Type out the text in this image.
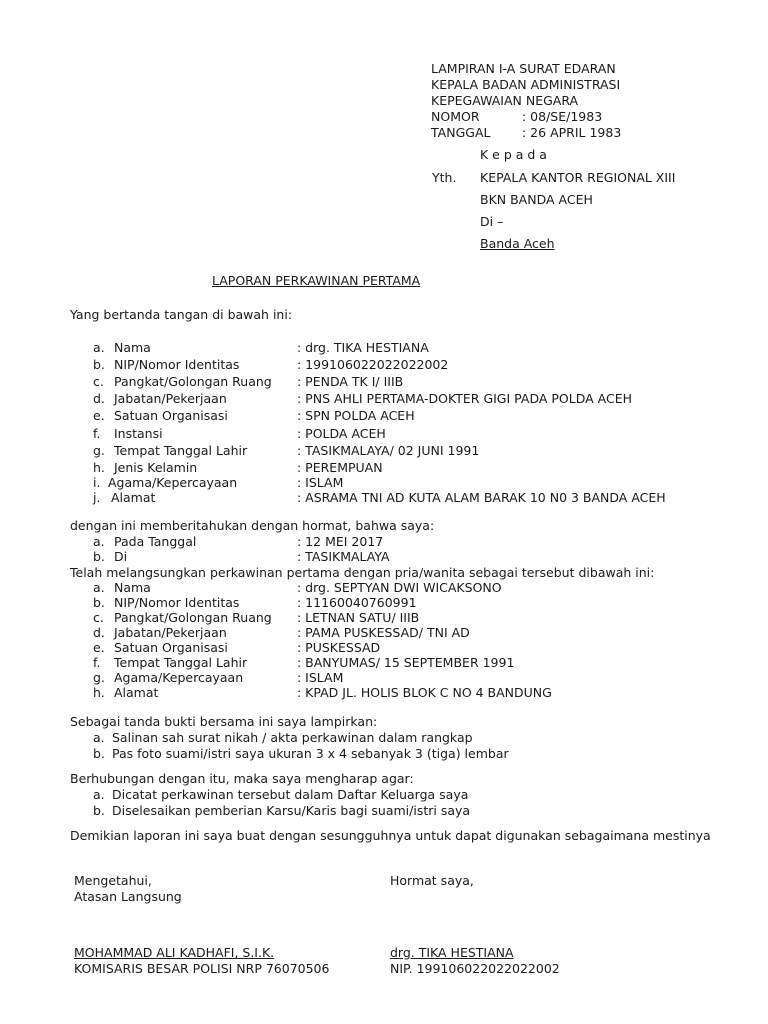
LAMPIRAN I-A SURAT EDARAN
KEPALA BADAN ADMINISTRASI
KEPEGAWAIAN NEGARA
NOMOR	: 08/SE/1983
TANGGAL	: 26 APRIL 1983
K e p a d a
Yth. KEPALA KANTOR REGIONAL XIII
BKN BANDA ACEH
Di –
Banda Aceh
LAPORAN PERKAWINAN PERTAMA
Yang bertanda tangan di bawah ini:
a. Nama	: drg. TIKA HESTIANA
b. NIP/Nomor Identitas	: 199106022022022002
c. Pangkat/Golongan Ruang : PENDA TK I/ IIIB
d. Jabatan/Pekerjaan	: PNS AHLI PERTAMA-DOKTER GIGI PADA POLDA ACEH
e. Satuan Organisasi	: SPN POLDA ACEH
f. Instansi	: POLDA ACEH
g. Tempat Tanggal Lahir	: TASIKMALAYA/ 02 JUNI 1991
h. Jenis Kelamin	: PEREMPUAN
i. Agama/Kepercayaan	: ISLAM
j. Alamat	: ASRAMA TNI AD KUTA ALAM BARAK 10 N0 3 BANDA ACEH
dengan ini memberitahukan dengan hormat, bahwa saya:
a. Pada Tanggal	: 12 MEI 2017
b. Di	: TASIKMALAYA
Telah melangsungkan perkawinan pertama dengan pria/wanita sebagai tersebut dibawah ini:
a. Nama	: drg. SEPTYAN DWI WICAKSONO
b. NIP/Nomor Identitas	: 11160040760991
c. Pangkat/Golongan Ruang : LETNAN SATU/ IIIB
d. Jabatan/Pekerjaan	: PAMA PUSKESSAD/ TNI AD
e. Satuan Organisasi	: PUSKESSAD
f. Tempat Tanggal Lahir	: BANYUMAS/ 15 SEPTEMBER 1991
g. Agama/Kepercayaan	: ISLAM
h. Alamat	: KPAD JL. HOLIS BLOK C NO 4 BANDUNG
Sebagai tanda bukti bersama ini saya lampirkan:
a. Salinan sah surat nikah / akta perkawinan dalam rangkap
b. Pas foto suami/istri saya ukuran 3 x 4 sebanyak 3 (tiga) lembar
Berhubungan dengan itu, maka saya mengharap agar:
a. Dicatat perkawinan tersebut dalam Daftar Keluarga saya
b. Diselesaikan pemberian Karsu/Karis bagi suami/istri saya
Demikian laporan ini saya buat dengan sesungguhnya untuk dapat digunakan sebagaimana mestinya
Mengetahui,
Atasan Langsung
MOHAMMAD ALI KADHAFI, S.I.K.
KOMISARIS BESAR POLISI NRP 76070506
Hormat saya,
drg. TIKA HESTIANA
NIP. 199106022022022002
